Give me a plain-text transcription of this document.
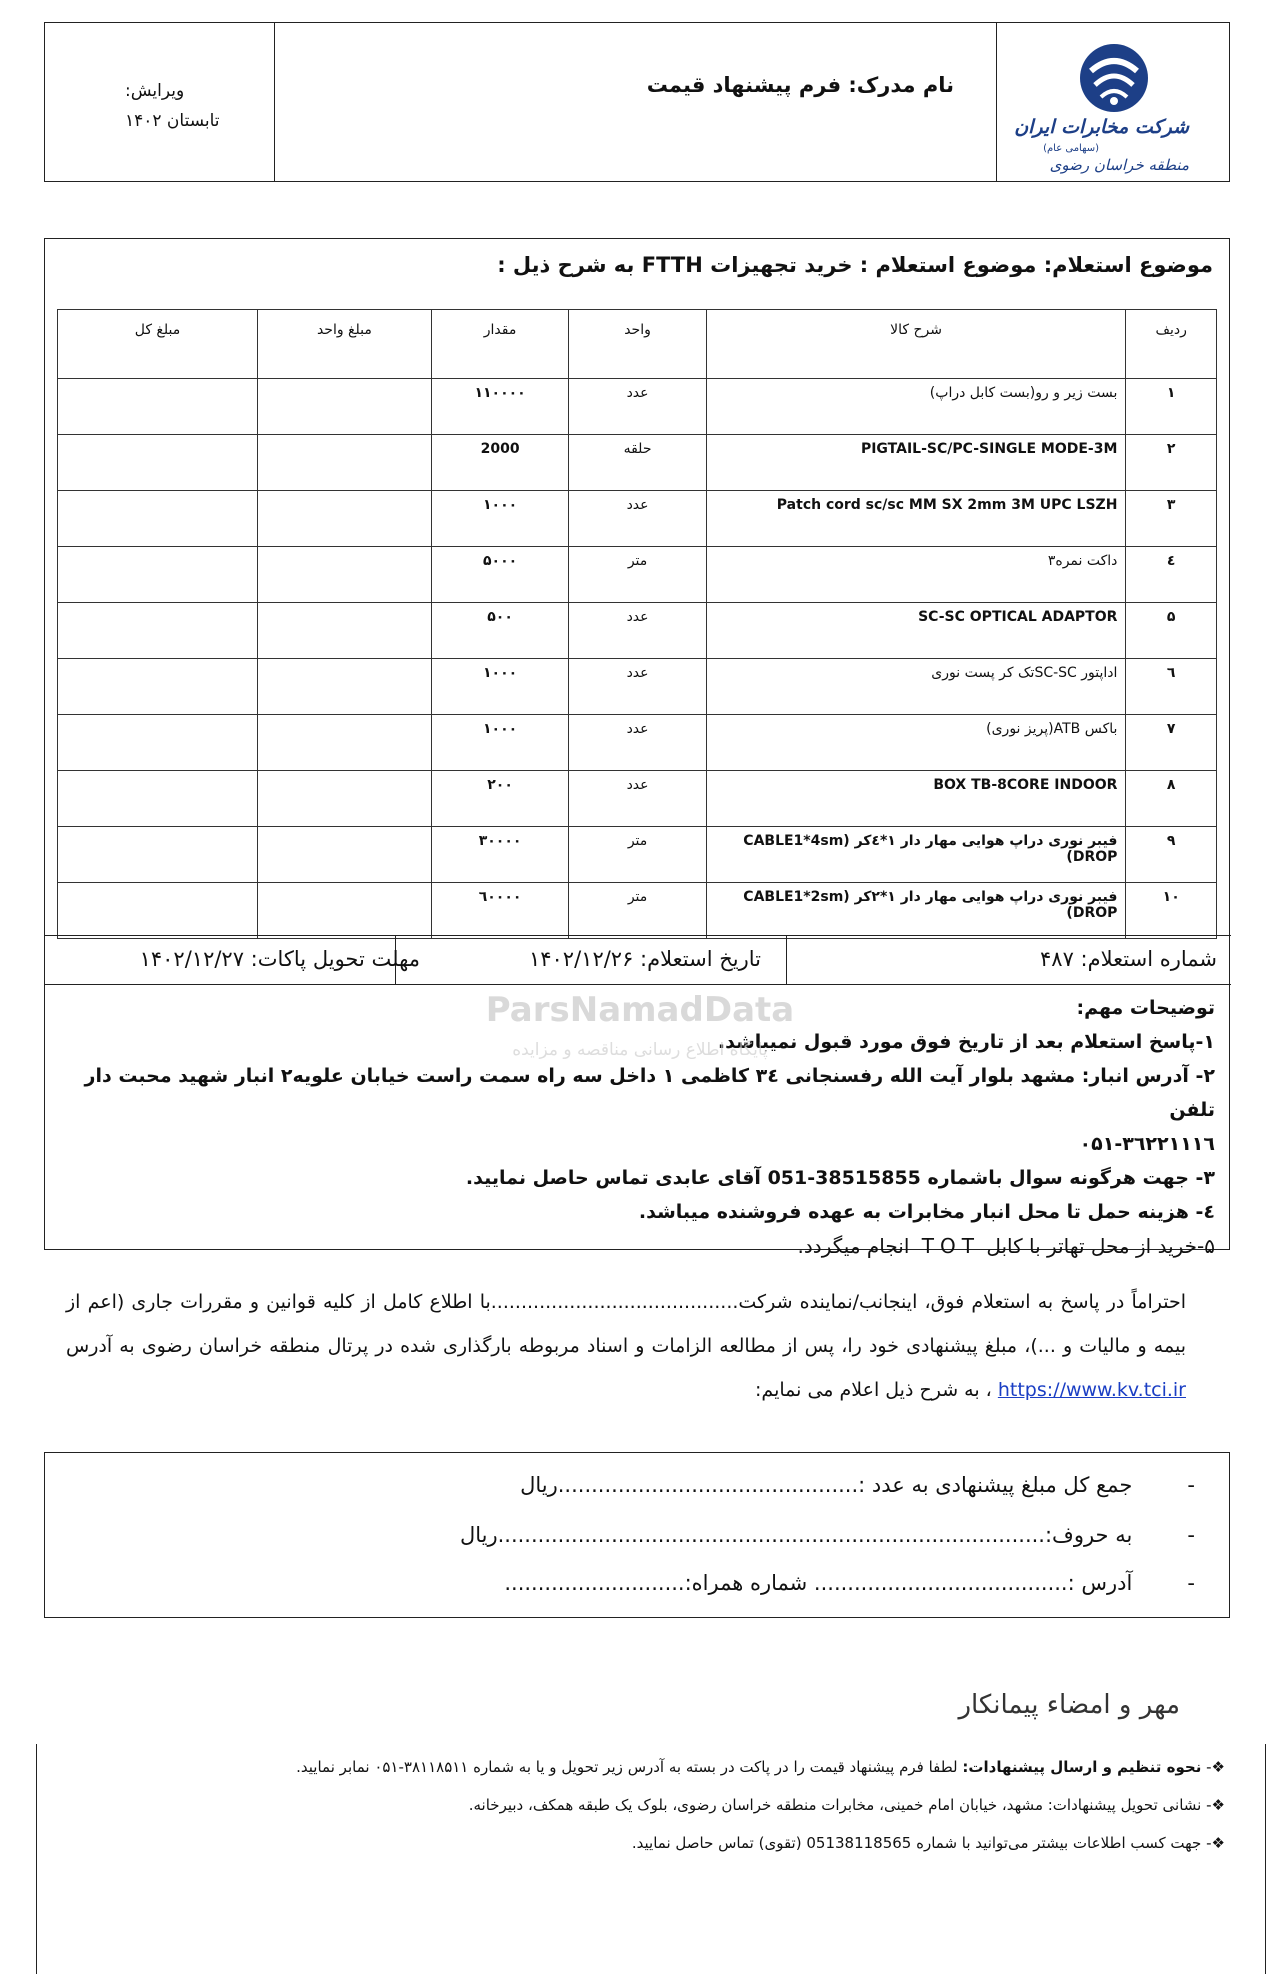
شرکت مخابرات ایران
(سهامی عام)
منطقه خراسان رضوی
نام مدرک: فرم پیشنهاد قیمت
ویرایش:
تابستان ۱۴۰۲
موضوع استعلام: موضوع استعلام : خرید تجهیزات FTTH به شرح ذیل :
ردیف	شرح کالا	واحد	مقدار	مبلغ واحد	مبلغ کل
۱	بست زیر و رو(بست کابل دراپ)	عدد	۱۱۰۰۰۰		
۲	PIGTAIL-SC/PC-SINGLE MODE-3M	حلقه	2000		
۳	Patch cord sc/sc MM SX 2mm 3M UPC LSZH	عدد	۱۰۰۰		
٤	داکت نمره۳	متر	۵۰۰۰		
۵	SC-SC OPTICAL ADAPTOR	عدد	۵۰۰		
٦	اداپتور SC-SCتک کر پست نوری	عدد	۱۰۰۰		
۷	باکس ATB(پریز نوری)	عدد	۱۰۰۰		
۸	BOX TB-8CORE INDOOR	عدد	۲۰۰		
۹	فیبر نوری دراپ هوایی مهار دار ۱*٤کر (CABLE1*4sm DROP)	متر	۳۰۰۰۰		
۱۰	فیبر نوری دراپ هوایی مهار دار ۱*۲کر (CABLE1*2sm DROP)	متر	٦۰۰۰۰		
شماره استعلام: ۴۸۷
تاریخ استعلام: ۱۴۰۲/۱۲/۲۶
مهلت تحویل پاکات: ۱۴۰۲/۱۲/۲۷
توضیحات مهم:
۱-پاسخ استعلام بعد از تاریخ فوق مورد قبول نمیباشد.
۲- آدرس انبار: مشهد بلوار آیت الله رفسنجانی ۳٤ کاظمی ۱ داخل سه راه سمت راست خیابان علویه۲ انبار شهید محبت دار تلفن
۳٦۲۲۱۱۱٦-۰۵۱
۳- جهت هرگونه سوال باشماره 38515855-051 آقای عابدی تماس حاصل نمایید.
٤- هزینه حمل تا محل انبار مخابرات به عهده فروشنده میباشد.
۵-خرید از محل تهاتر با کابل TOT انجام میگردد.
ParsNamadData
پایگاه اطلاع رسانی مناقصه و مزایده
احتراماً در پاسخ به استعلام فوق، اینجانب/نماینده شرکت.........................................با اطلاع کامل از کلیه قوانین و مقررات جاری (اعم از بیمه و مالیات و ...)، مبلغ پیشنهادی خود را، پس از مطالعه الزامات و اسناد مربوطه بارگذاری شده در پرتال منطقه خراسان رضوی به آدرس https://www.kv.tci.ir ، به شرح ذیل اعلام می نمایم:
- جمع کل مبلغ پیشنهادی به عدد :.............................................ریال
- به حروف:..................................................................................ریال
- آدرس :...................................... شماره همراه:...........................
مهر و امضاء پیمانکار
❖- نحوه تنظیم و ارسال پیشنهادات: لطفا فرم پیشنهاد قیمت را در پاکت در بسته به آدرس زیر تحویل و یا به شماره ۳۸۱۱۸۵۱۱-۰۵۱ نمابر نمایید.
❖- نشانی تحویل پیشنهادات: مشهد، خیابان امام خمینی، مخابرات منطقه خراسان رضوی، بلوک یک طبقه همکف، دبیرخانه.
❖- جهت کسب اطلاعات بیشتر می‌توانید با شماره 05138118565 (تقوی) تماس حاصل نمایید.
